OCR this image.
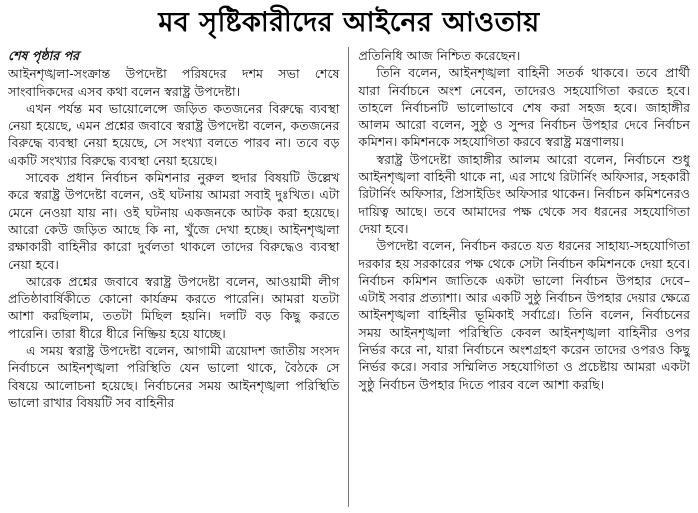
মব সৃষ্টিকারীদের আইনের আওতায়
শেষ পৃষ্ঠার পর

আইনশৃঙ্খলা-সংক্রান্ত উপদেষ্টা পরিষদের দশম সভা শেষে সাংবাদিকদের এসব কথা বলেন স্বরাষ্ট্র উপদেষ্টা।

এখন পর্যন্ত মব ভায়োলেন্সে জড়িত কতজনের বিরুদ্ধে ব্যবস্থা নেয়া হয়েছে, এমন প্রশ্নের জবাবে স্বরাষ্ট্র উপদেষ্টা বলেন, কতজনের বিরুদ্ধে ব্যবস্থা নেয়া হয়েছে, সে সংখ্যা বলতে পারব না। তবে বড় একটি সংখ্যার বিরুদ্ধে ব্যবস্থা নেয়া হয়েছে।

সাবেক প্রধান নির্বাচন কমিশনার নুরুল হুদার বিষয়টি উল্লেখ করে স্বরাষ্ট্র উপদেষ্টা বলেন, ওই ঘটনায় আমরা সবাই দুঃখিত। এটা মেনে নেওয়া যায় না। ওই ঘটনায় একজনকে আটক করা হয়েছে। আরো কেউ জড়িত আছে কি না, খুঁজে দেখা হচ্ছে। আইনশৃঙ্খলা রক্ষাকারী বাহিনীর কারো দুর্বলতা থাকলে তাদের বিরুদ্ধেও ব্যবস্থা নেয়া হবে।

আরেক প্রশ্নের জবাবে স্বরাষ্ট্র উপদেষ্টা বলেন, আওয়ামী লীগ প্রতিষ্ঠাবার্ষিকীতে কোনো কার্যক্রম করতে পারেনি। আমরা যতটা আশা করছিলাম, ততটা মিছিল হয়নি। দলটি বড় কিছু করতে পারেনি। তারা ধীরে ধীরে নিষ্ক্রিয় হয়ে যাচ্ছে।

এ সময় স্বরাষ্ট্র উপদেষ্টা বলেন, আগামী ত্রয়োদশ জাতীয় সংসদ নির্বাচনে আইনশৃঙ্খলা পরিস্থিতি যেন ভালো থাকে, বৈঠকে সে বিষয়ে আলোচনা হয়েছে। নির্বাচনের সময় আইনশৃঙ্খলা পরিস্থিতি ভালো রাখার বিষয়টি সব বাহিনীর

প্রতিনিধি আজ নিশ্চিত করেছেন।

তিনি বলেন, আইনশৃঙ্খলা বাহিনী সতর্ক থাকবে। তবে প্রার্থী যারা নির্বাচনে অংশ নেবেন, তাদেরও সহযোগিতা করতে হবে। তাহলে নির্বাচনটি ভালোভাবে শেষ করা সহজ হবে। জাহাঙ্গীর আলম আরো বলেন, সুষ্ঠু ও সুন্দর নির্বাচন উপহার দেবে নির্বাচন কমিশন। কমিশনকে সহযোগিতা করবে স্বরাষ্ট্র মন্ত্রণালয়।

স্বরাষ্ট্র উপদেষ্টা জাহাঙ্গীর আলম আরো বলেন, নির্বাচনে শুধু আইনশৃঙ্খলা বাহিনী থাকে না, এর সাথে রিটার্নিং অফিসার, সহকারী রিটার্নিং অফিসার, প্রিসাইডিং অফিসার থাকেন। নির্বাচন কমিশনেরও দায়িত্ব আছে। তবে আমাদের পক্ষ থেকে সব ধরনের সহযোগিতা দেয়া হবে।

উপদেষ্টা বলেন, নির্বাচন করতে যত ধরনের সাহায্য-সহযোগিতা দরকার হয় সরকারের পক্ষ থেকে সেটা নির্বাচন কমিশনকে দেয়া হবে। নির্বাচন কমিশন জাতিকে একটা ভালো নির্বাচন উপহার দেবে– এটাই সবার প্রত্যাশা। আর একটি সুষ্ঠু নির্বাচন উপহার দেয়ার ক্ষেত্রে আইনশৃঙ্খলা বাহিনীর ভূমিকাই সর্বাগ্রে। তিনি বলেন, নির্বাচনের সময় আইনশৃঙ্খলা পরিস্থিতি কেবল আইনশৃঙ্খলা বাহিনীর ওপর নির্ভর করে না, যারা নির্বাচনে অংশগ্রহণ করেন তাদের ওপরও কিছু নির্ভর করে। সবার সম্মিলিত সহযোগিতা ও প্রচেষ্টায় আমরা একটা সুষ্ঠু নির্বাচন উপহার দিতে পারব বলে আশা করছি।
